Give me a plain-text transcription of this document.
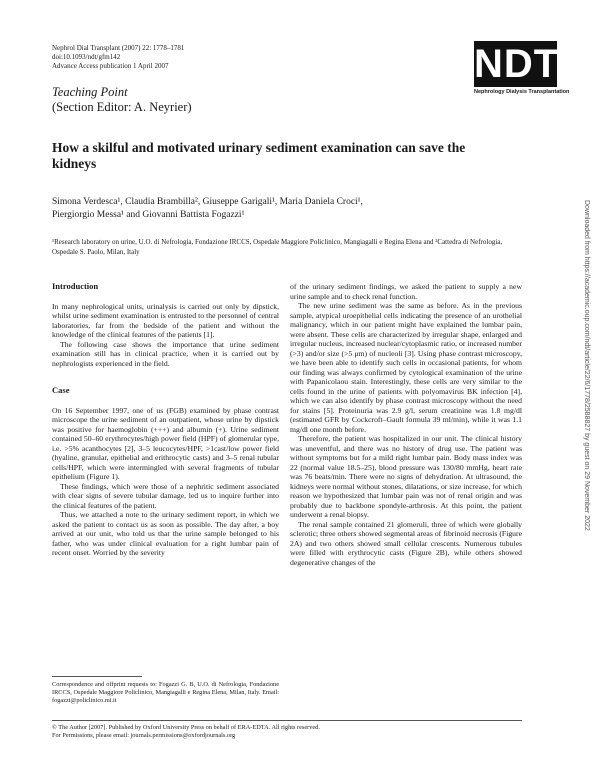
Nephrol Dial Transplant (2007) 22: 1778–1781
doi:10.1093/ndt/gfm142
Advance Access publication 1 April 2007	NDT
Nephrology Dialysis Transplantation
Teaching Point
(Section Editor: A. Neyrier)
How a skilful and motivated urinary sediment examination can save the kidneys
Simona Verdesca¹, Claudia Brambilla², Giuseppe Garigali¹, Maria Daniela Croci¹,
Piergiorgio Messa¹ and Giovanni Battista Fogazzi¹
¹Research laboratory on urine, U.O. di Nefrologia, Fondazione IRCCS, Ospedale Maggiore Policlinico, Mangiagalli e Regina Elena and ²Cattedra di Nefrologia, Ospedale S. Paolo, Milan, Italy
Introduction

In many nephrological units, urinalysis is carried out only by dipstick, whilst urine sediment examination is entrusted to the personnel of central laboratories, far from the bedside of the patient and without the knowledge of the clinical features of the patients [1].

The following case shows the importance that urine sediment examination still has in clinical practice, when it is carried out by nephrologists experienced in the field.

Case

On 16 September 1997, one of us (FGB) examined by phase contrast microscope the urine sediment of an outpatient, whose urine by dipstick was positive for haemoglobin (+++) and albumin (+). Urine sediment contained 50–60 erythrocytes/high power field (HPF) of glomerular type, i.e. >5% acanthocytes [2], 3–5 leucocytes/HPF, >1cast/low power field (hyaline, granular, epithelial and erithrocytic casts) and 3–5 renal tubular cells/HPF, which were intermingled with several fragments of tubular epithelium (Figure 1).

These findings, which were those of a nephritic sediment associated with clear signs of severe tubular damage, led us to inquire further into the clinical features of the patient.

Thus, we attached a note to the urinary sediment report, in which we asked the patient to contact us as soon as possible. The day after, a boy arrived at our unit, who told us that the urine sample belonged to his father, who was under clinical evaluation for a right lumbar pain of recent onset. Worried by the severity

Correspondence and offprint requests to: Fogazzi G. B, U.O. di Nefrologia, Fondazione IRCCS, Ospedale Maggiore Policlinico, Mangiagalli e Regina Elena, Milan, Italy. Email: fogazzi@policlinico.mi.it

of the urinary sediment findings, we asked the patient to supply a new urine sample and to check renal function.

The new urine sediment was the same as before. As in the previous sample, atypical uroepithelial cells indicating the presence of an urothelial malignancy, which in our patient might have explained the lumbar pain, were absent. These cells are characterized by irregular shape, enlarged and irregular nucleus, increased nuclear/cytoplasmic ratio, or increased number (>3) and/or size (>5 μm) of nucleoli [3]. Using phase contrast microscopy, we have been able to identify such cells in occasional patients, for whom our finding was always confirmed by cytological examination of the urine with Papanicolaou stain. Interestingly, these cells are very similar to the cells found in the urine of patients with polyomavirus BK infection [4], which we can also identify by phase contrast microscopy without the need for stains [5]. Proteinuria was 2.9 g/l, serum creatinine was 1.8 mg/dl (estimated GFR by Cockcroft–Gault formula 39 ml/min), while it was 1.1 mg/dl one month before.

Therefore, the patient was hospitalized in our unit. The clinical history was uneventful, and there was no history of drug use. The patient was without symptoms but for a mild right lumbar pain. Body mass index was 22 (normal value 18.5–25), blood pressure was 130/80 mmHg, heart rate was 76 beats/min. There were no signs of dehydration. At ultrasound, the kidneys were normal without stones, dilatations, or size increase, for which reason we hypothesized that lumbar pain was not of renal origin and was probably due to backbone spondyle-arthrosis. At this point, the patient underwent a renal biopsy.

The renal sample contained 21 glomeruli, three of which were globally sclerotic; three others showed segmental areas of fibrinoid necrosis (Figure 2A) and two others showed small cellular crescents. Numerous tubules were filled with erythrocytic casts (Figure 2B), while others showed degenerative changes of the

© The Author [2007]. Published by Oxford University Press on behalf of ERA-EDTA. All rights reserved.
For Permissions, please email: journals.permissions@oxfordjournals.org
Downloaded from https://academic.oup.com/ndt/article/22/6/1778/2588827 by guest on 29 November 2022
